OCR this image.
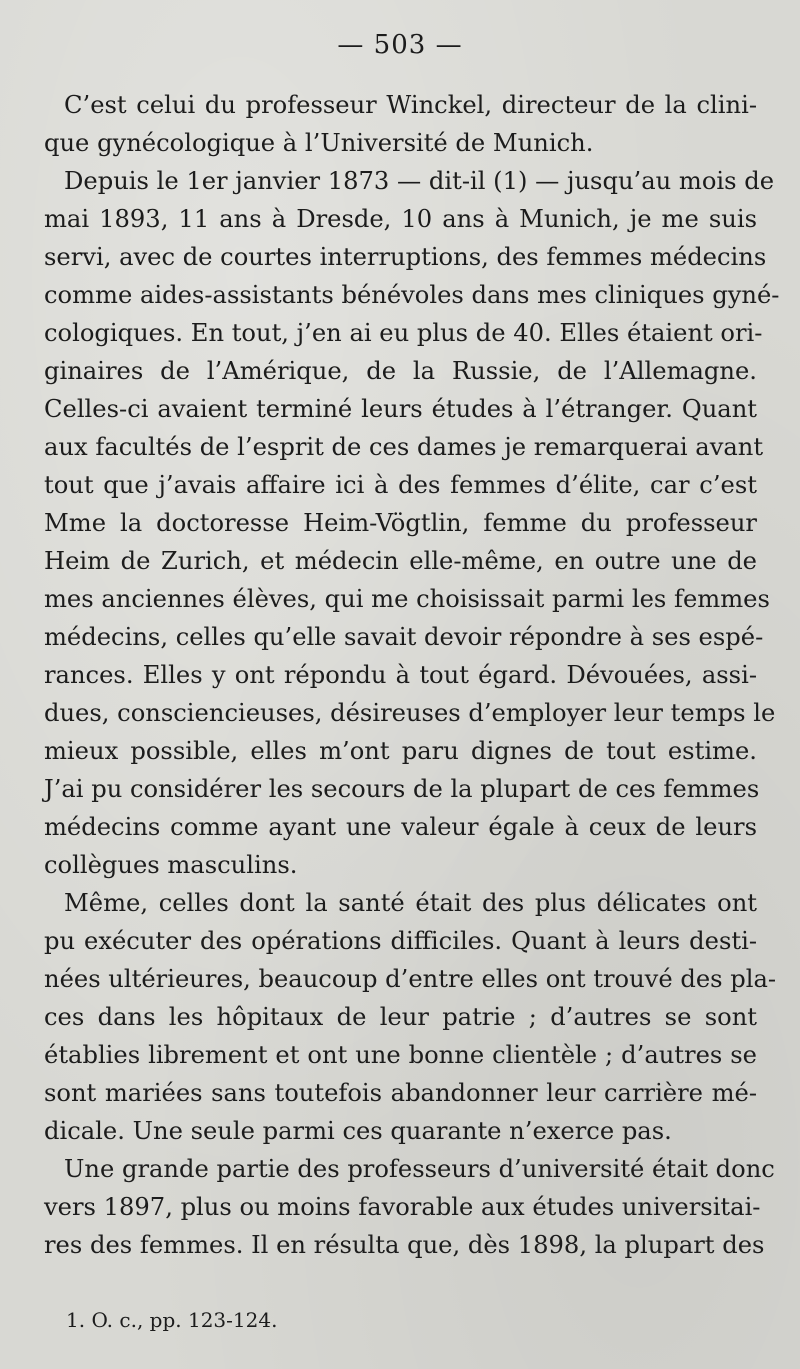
— 503 —
C’est celui du professeur Winckel, directeur de la clini-
que gynécologique à l’Université de Munich.
Depuis le 1er janvier 1873 — dit-il (1) — jusqu’au mois de
mai 1893, 11 ans à Dresde, 10 ans à Munich, je me suis
servi, avec de courtes interruptions, des femmes médecins
comme aides-assistants bénévoles dans mes cliniques gyné-
cologiques. En tout, j’en ai eu plus de 40. Elles étaient ori-
ginaires de l’Amérique, de la Russie, de l’Allemagne.
Celles-ci avaient terminé leurs études à l’étranger. Quant
aux facultés de l’esprit de ces dames je remarquerai avant
tout que j’avais affaire ici à des femmes d’élite, car c’est
Mme la doctoresse Heim-Vögtlin, femme du professeur
Heim de Zurich, et médecin elle-même, en outre une de
mes anciennes élèves, qui me choisissait parmi les femmes
médecins, celles qu’elle savait devoir répondre à ses espé-
rances. Elles y ont répondu à tout égard. Dévouées, assi-
dues, consciencieuses, désireuses d’employer leur temps le
mieux possible, elles m’ont paru dignes de tout estime.
J’ai pu considérer les secours de la plupart de ces femmes
médecins comme ayant une valeur égale à ceux de leurs
collègues masculins.
Même, celles dont la santé était des plus délicates ont
pu exécuter des opérations difficiles. Quant à leurs desti-
nées ultérieures, beaucoup d’entre elles ont trouvé des pla-
ces dans les hôpitaux de leur patrie ; d’autres se sont
établies librement et ont une bonne clientèle ; d’autres se
sont mariées sans toutefois abandonner leur carrière mé-
dicale. Une seule parmi ces quarante n’exerce pas.
Une grande partie des professeurs d’université était donc
vers 1897, plus ou moins favorable aux études universitai-
res des femmes. Il en résulta que, dès 1898, la plupart des
1. O. c., pp. 123-124.
